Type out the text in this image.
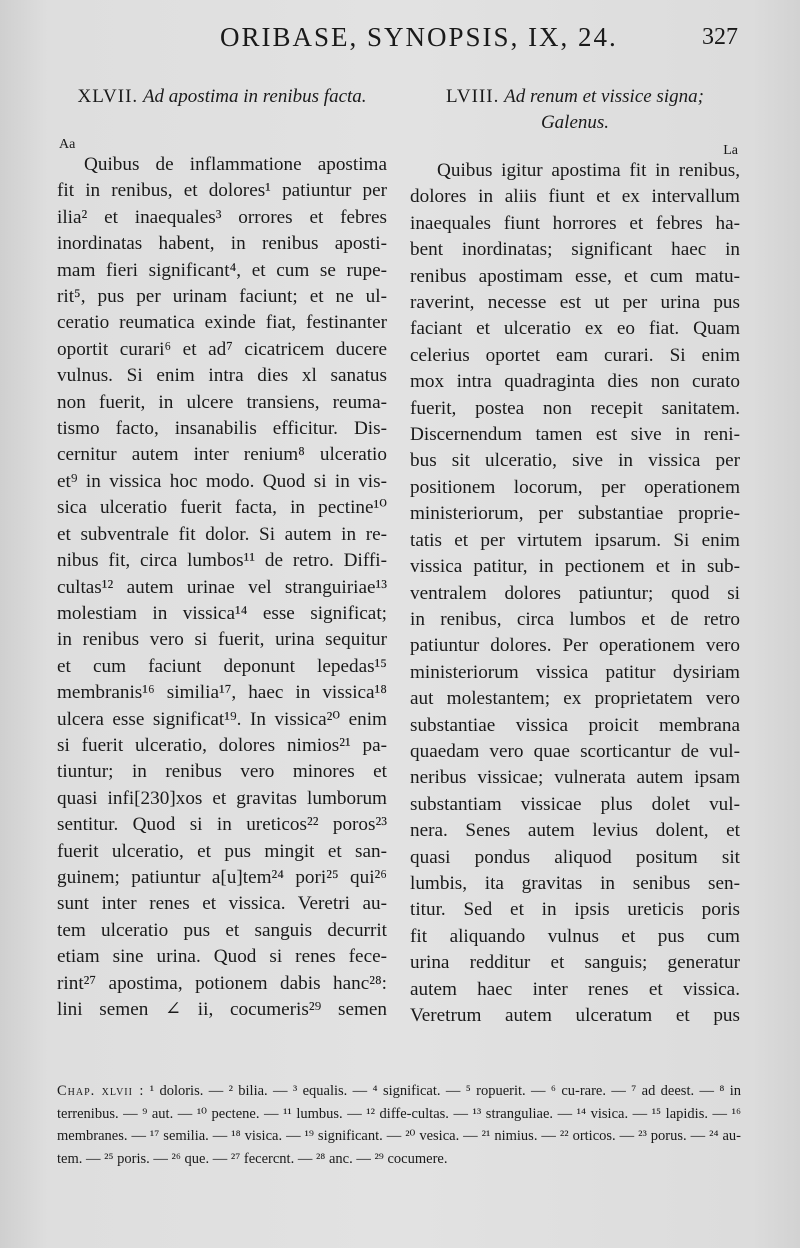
ORIBASE, SYNOPSIS, IX, 24.	327
XLVII. Ad apostima in renibus facta.
Aa
Quibus de inflammatione apostima
fit in renibus, et dolores¹ patiuntur per
ilia² et inaequales³ orrores et febres
inordinatas habent, in renibus aposti-
mam fieri significant⁴, et cum se rupe-
rit⁵, pus per urinam faciunt; et ne ul-
ceratio reumatica exinde fiat, festinanter
oportit curari⁶ et ad⁷ cicatricem ducere
vulnus. Si enim intra dies xl sanatus
non fuerit, in ulcere transiens, reuma-
tismo facto, insanabilis efficitur. Dis-
cernitur autem inter renium⁸ ulceratio
et⁹ in vissica hoc modo. Quod si in vis-
sica ulceratio fuerit facta, in pectine¹⁰
et subventrale fit dolor. Si autem in re-
nibus fit, circa lumbos¹¹ de retro. Diffi-
cultas¹² autem urinae vel stranguiriae¹³
molestiam in vissica¹⁴ esse significat;
in renibus vero si fuerit, urina sequitur
et cum faciunt deponunt lepedas¹⁵
membranis¹⁶ similia¹⁷, haec in vissica¹⁸
ulcera esse significat¹⁹. In vissica²⁰ enim
si fuerit ulceratio, dolores nimios²¹ pa-
tiuntur; in renibus vero minores et
quasi infi[230]xos et gravitas lumborum
sentitur. Quod si in ureticos²² poros²³
fuerit ulceratio, et pus mingit et san-
guinem; patiuntur a[u]tem²⁴ pori²⁵ qui²⁶
sunt inter renes et vissica. Veretri au-
tem ulceratio pus et sanguis decurrit
etiam sine urina. Quod si renes fece-
rint²⁷ apostima, potionem dabis hanc²⁸:
lini semen ∠ ii, cocumeris²⁹ semen
LVIII. Ad renum et vissice signa;
Galenus.
La
Quibus igitur apostima fit in renibus,
dolores in aliis fiunt et ex intervallum
inaequales fiunt horrores et febres ha-
bent inordinatas; significant haec in
renibus apostimam esse, et cum matu-
raverint, necesse est ut per urina pus
faciant et ulceratio ex eo fiat. Quam
celerius oportet eam curari. Si enim
mox intra quadraginta dies non curato
fuerit, postea non recepit sanitatem.
Discernendum tamen est sive in reni-
bus sit ulceratio, sive in vissica per
positionem locorum, per operationem
ministeriorum, per substantiae proprie-
tatis et per virtutem ipsarum. Si enim
vissica patitur, in pectionem et in sub-
ventralem dolores patiuntur; quod si
in renibus, circa lumbos et de retro
patiuntur dolores. Per operationem vero
ministeriorum vissica patitur dysiriam
aut molestantem; ex proprietatem vero
substantiae vissica proicit membrana
quaedam vero quae scorticantur de vul-
neribus vissicae; vulnerata autem ipsam
substantiam vissicae plus dolet vul-
nera. Senes autem levius dolent, et
quasi pondus aliquod positum sit
lumbis, ita gravitas in senibus sen-
titur. Sed et in ipsis ureticis poris
fit aliquando vulnus et pus cum
urina redditur et sanguis; generatur
autem haec inter renes et vissica.
Veretrum autem ulceratum et pus
Chap. xlvii : ¹ doloris. — ² bilia. — ³ equalis. — ⁴ significat. — ⁵ ropuerit. — ⁶ cu-rare. — ⁷ ad deest. — ⁸ in terrenibus. — ⁹ aut. — ¹⁰ pectene. — ¹¹ lumbus. — ¹² diffe-cultas. — ¹³ stranguliae. — ¹⁴ visica. — ¹⁵ lapidis. — ¹⁶ membranes. — ¹⁷ semilia. — ¹⁸ visica. — ¹⁹ significant. — ²⁰ vesica. — ²¹ nimius. — ²² orticos. — ²³ porus. — ²⁴ au-tem. — ²⁵ poris. — ²⁶ que. — ²⁷ fecercnt. — ²⁸ anc. — ²⁹ cocumere.
